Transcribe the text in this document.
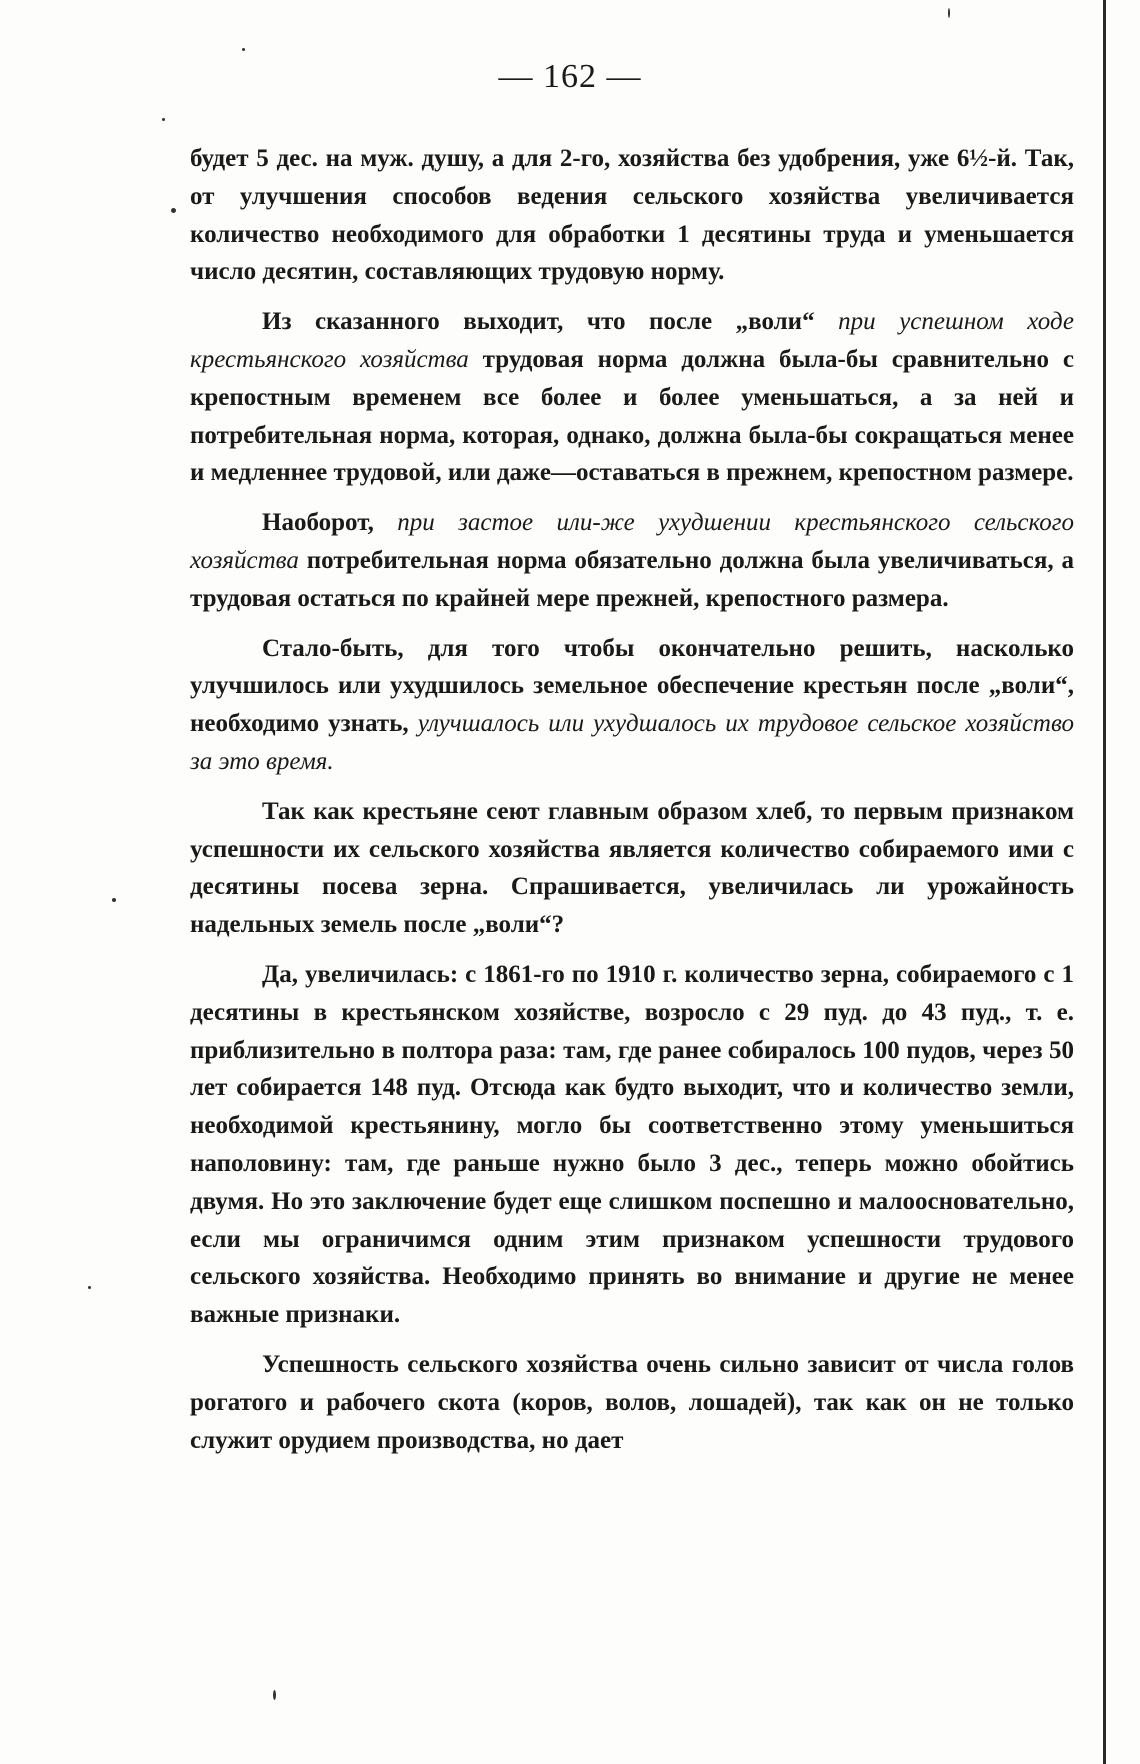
— 162 —

будет 5 дес. на муж. душу, а для 2-го, хозяйства без удобрения, уже 6½-й. Так, от улучшения способов ведения сельского хозяйства увеличивается количество необходимого для обработки 1 десятины труда и уменьшается число десятин, составляющих трудовую норму.

Из сказанного выходит, что после „воли“ при успешном ходе крестьянского хозяйства трудовая норма должна была-бы сравнительно с крепостным временем все более и более уменьшаться, а за ней и потребительная норма, которая, однако, должна была-бы сокращаться менее и медленнее трудовой, или даже—оставаться в прежнем, крепостном размере.

Наоборот, при застое или-же ухудшении крестьянского сельского хозяйства потребительная норма обязательно должна была увеличиваться, а трудовая остаться по крайней мере прежней, крепостного размера.

Стало-быть, для того чтобы окончательно решить, насколько улучшилось или ухудшилось земельное обеспечение крестьян после „воли“, необходимо узнать, улучшалось или ухудшалось их трудовое сельское хозяйство за это время.

Так как крестьяне сеют главным образом хлеб, то первым признаком успешности их сельского хозяйства является количество собираемого ими с десятины посева зерна. Спрашивается, увеличилась ли урожайность надельных земель после „воли“?

Да, увеличилась: с 1861-го по 1910 г. количество зерна, собираемого с 1 десятины в крестьянском хозяйстве, возросло с 29 пуд. до 43 пуд., т. е. приблизительно в полтора раза: там, где ранее собиралось 100 пудов, через 50 лет собирается 148 пуд. Отсюда как будто выходит, что и количество земли, необходимой крестьянину, могло бы соответственно этому уменьшиться наполовину: там, где раньше нужно было 3 дес., теперь можно обойтись двумя. Но это заключение будет еще слишком поспешно и малоосновательно, если мы ограничимся одним этим признаком успешности трудового сельского хозяйства. Необходимо принять во внимание и другие не менее важные признаки.

Успешность сельского хозяйства очень сильно зависит от числа голов рогатого и рабочего скота (коров, волов, лошадей), так как он не только служит орудием производства, но дает
